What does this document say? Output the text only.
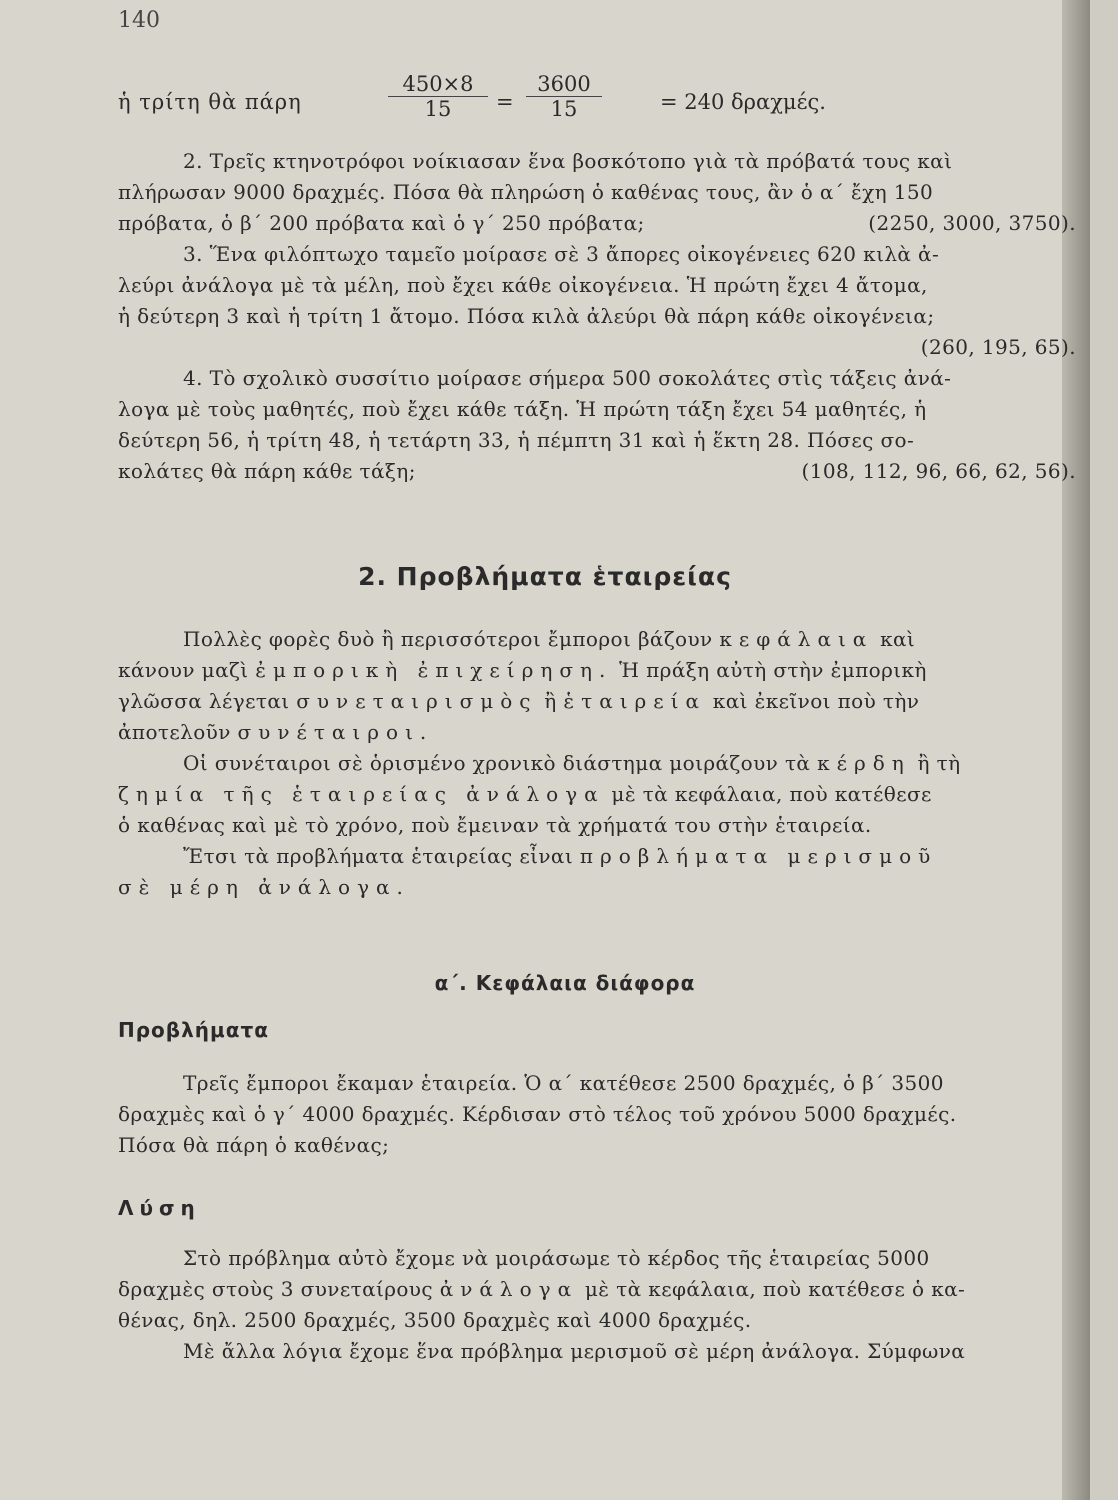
140
ἡ τρίτη θὰ πάρη	$\frac{450\times 8}{15} = \frac{3600}{15}$	= 240 δραχμές.
2. Τρεῖς κτηνοτρόφοι νοίκιασαν ἕνα βοσκότοπο γιὰ τὰ πρόβατά τους καὶ
πλήρωσαν 9000 δραχμές. Πόσα θὰ πληρώση ὁ καθένας τους, ἂν ὁ α΄ ἔχη 150
πρόβατα, ὁ β΄ 200 πρόβατα καὶ ὁ γ΄ 250 πρόβατα;	(2250, 3000, 3750).
3. Ἕνα φιλόπτωχο ταμεῖο μοίρασε σὲ 3 ἄπορες οἰκογένειες 620 κιλὰ ἀ-
λεύρι ἀνάλογα μὲ τὰ μέλη, ποὺ ἔχει κάθε οἰκογένεια. Ἡ πρώτη ἔχει 4 ἄτομα,
ἡ δεύτερη 3 καὶ ἡ τρίτη 1 ἄτομο. Πόσα κιλὰ ἀλεύρι θὰ πάρη κάθε οἰκογένεια;
(260, 195, 65).
4. Τὸ σχολικὸ συσσίτιο μοίρασε σήμερα 500 σοκολάτες στὶς τάξεις ἀνά-
λογα μὲ τοὺς μαθητές, ποὺ ἔχει κάθε τάξη. Ἡ πρώτη τάξη ἔχει 54 μαθητές, ἡ
δεύτερη 56, ἡ τρίτη 48, ἡ τετάρτη 33, ἡ πέμπτη 31 καὶ ἡ ἕκτη 28. Πόσες σο-
κολάτες θὰ πάρη κάθε τάξη;	(108, 112, 96, 66, 62, 56).
2. Προβλήματα ἑταιρείας
Πολλὲς φορὲς δυὸ ἢ περισσότεροι ἔμποροι βάζουν κεφάλαια καὶ
κάνουν μαζὶ ἐμπορικὴ ἐπιχείρηση. Ἡ πράξη αὐτὴ στὴν ἐμπορικὴ
γλῶσσα λέγεται συνεταιρισμὸς ἢ ἑταιρεία καὶ ἐκεῖνοι ποὺ τὴν
ἀποτελοῦν συνέταιροι.
Οἱ συνέταιροι σὲ ὁρισμένο χρονικὸ διάστημα μοιράζουν τὰ κέρδη ἢ τὴ
ζημία τῆς ἑταιρείας ἀνάλογα μὲ τὰ κεφάλαια, ποὺ κατέθεσε
ὁ καθένας καὶ μὲ τὸ χρόνο, ποὺ ἔμειναν τὰ χρήματά του στὴν ἑταιρεία.
Ἔτσι τὰ προβλήματα ἑταιρείας εἶναι προβλήματα μερισμοῦ
σὲ μέρη ἀνάλογα.
α΄. Κεφάλαια διάφορα
Προβλήματα
Τρεῖς ἔμποροι ἔκαμαν ἑταιρεία. Ὁ α΄ κατέθεσε 2500 δραχμές, ὁ β΄ 3500
δραχμὲς καὶ ὁ γ΄ 4000 δραχμές. Κέρδισαν στὸ τέλος τοῦ χρόνου 5000 δραχμές.
Πόσα θὰ πάρη ὁ καθένας;
Λύση
Στὸ πρόβλημα αὐτὸ ἔχομε νὰ μοιράσωμε τὸ κέρδος τῆς ἑταιρείας 5000
δραχμὲς στοὺς 3 συνεταίρους ἀνάλογα μὲ τὰ κεφάλαια, ποὺ κατέθεσε ὁ κα-
θένας, δηλ. 2500 δραχμές, 3500 δραχμὲς καὶ 4000 δραχμές.
Μὲ ἄλλα λόγια ἔχομε ἕνα πρόβλημα μερισμοῦ σὲ μέρη ἀνάλογα. Σύμφωνα
